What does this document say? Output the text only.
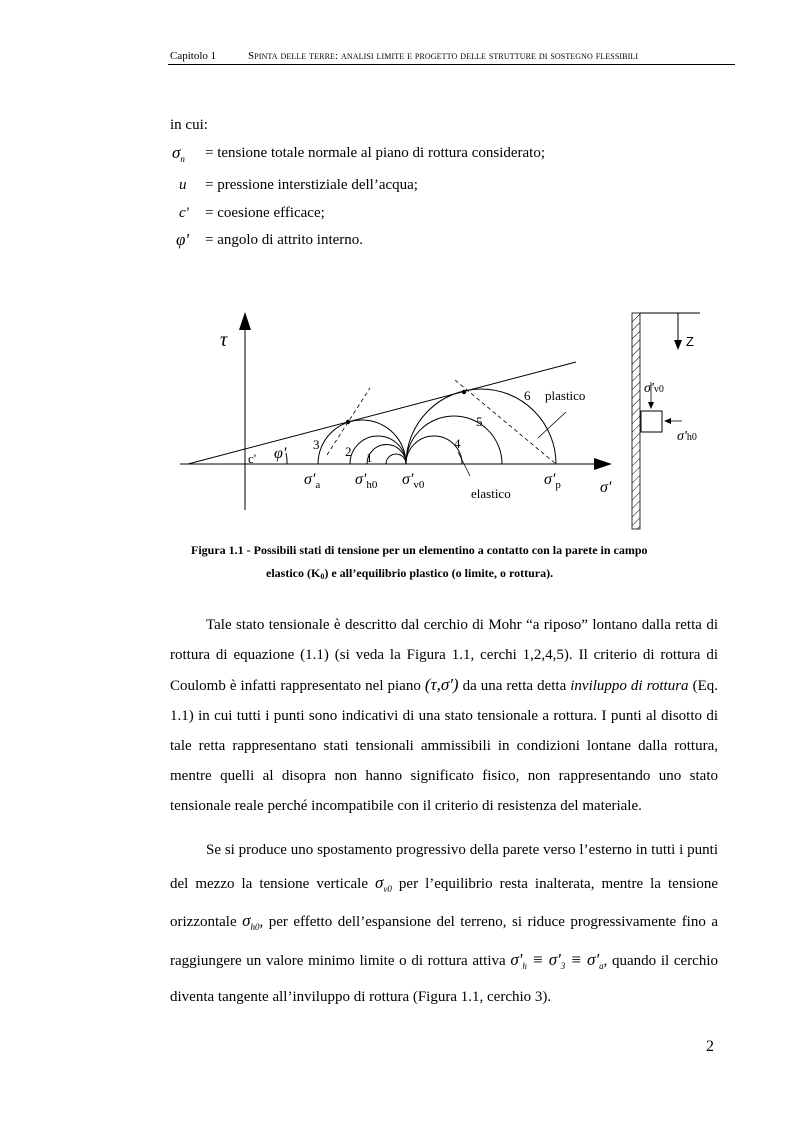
Capitolo 1	Spinta delle terre: analisi limite e progetto delle strutture di sostegno flessibili
in cui:
$\sigma_n$ = tensione totale normale al piano di rottura considerato;
u = pressione interstiziale dell’acqua;
c' = coesione efficace;
φ' = angolo di attrito interno.
τ
σ'
c' φ'
$\sigma'_a$ $\sigma'_{h0}$ $\sigma'_{v0}$	$\sigma'_p$
1
2
3	4
5
6 plastico
elastico
Z
σ'v0
σ'h0
Figura 1.1 - Possibili stati di tensione per un elementino a contatto con la parete in campo
elastico (K0) e all’equilibrio plastico (o limite, o rottura).
Tale stato tensionale è descritto dal cerchio di Mohr “a riposo” lontano dalla retta di rottura di equazione (1.1) (si veda la Figura 1.1, cerchi 1,2,4,5). Il criterio di rottura di Coulomb è infatti rappresentato nel piano (τ,σ') da una retta detta inviluppo di rottura (Eq. 1.1) in cui tutti i punti sono indicativi di una stato tensionale a rottura. I punti al disotto di tale retta rappresentano stati tensionali ammissibili in condizioni lontane dalla rottura, mentre quelli al disopra non hanno significato fisico, non rappresentando uno stato tensionale reale perché incompatibile con il criterio di resistenza del materiale.
Se si produce uno spostamento progressivo della parete verso l’esterno in tutti i punti del mezzo la tensione verticale $\sigma_{v0}$ per l’equilibrio resta inalterata, mentre la tensione orizzontale $\sigma_{h0}$, per effetto dell’espansione del terreno, si riduce progressivamente fino a raggiungere un valore minimo limite o di rottura attiva $\sigma'_h \equiv \sigma'_3 \equiv \sigma'_a$, quando il cerchio diventa tangente all’inviluppo di rottura (Figura 1.1, cerchio 3).
2
